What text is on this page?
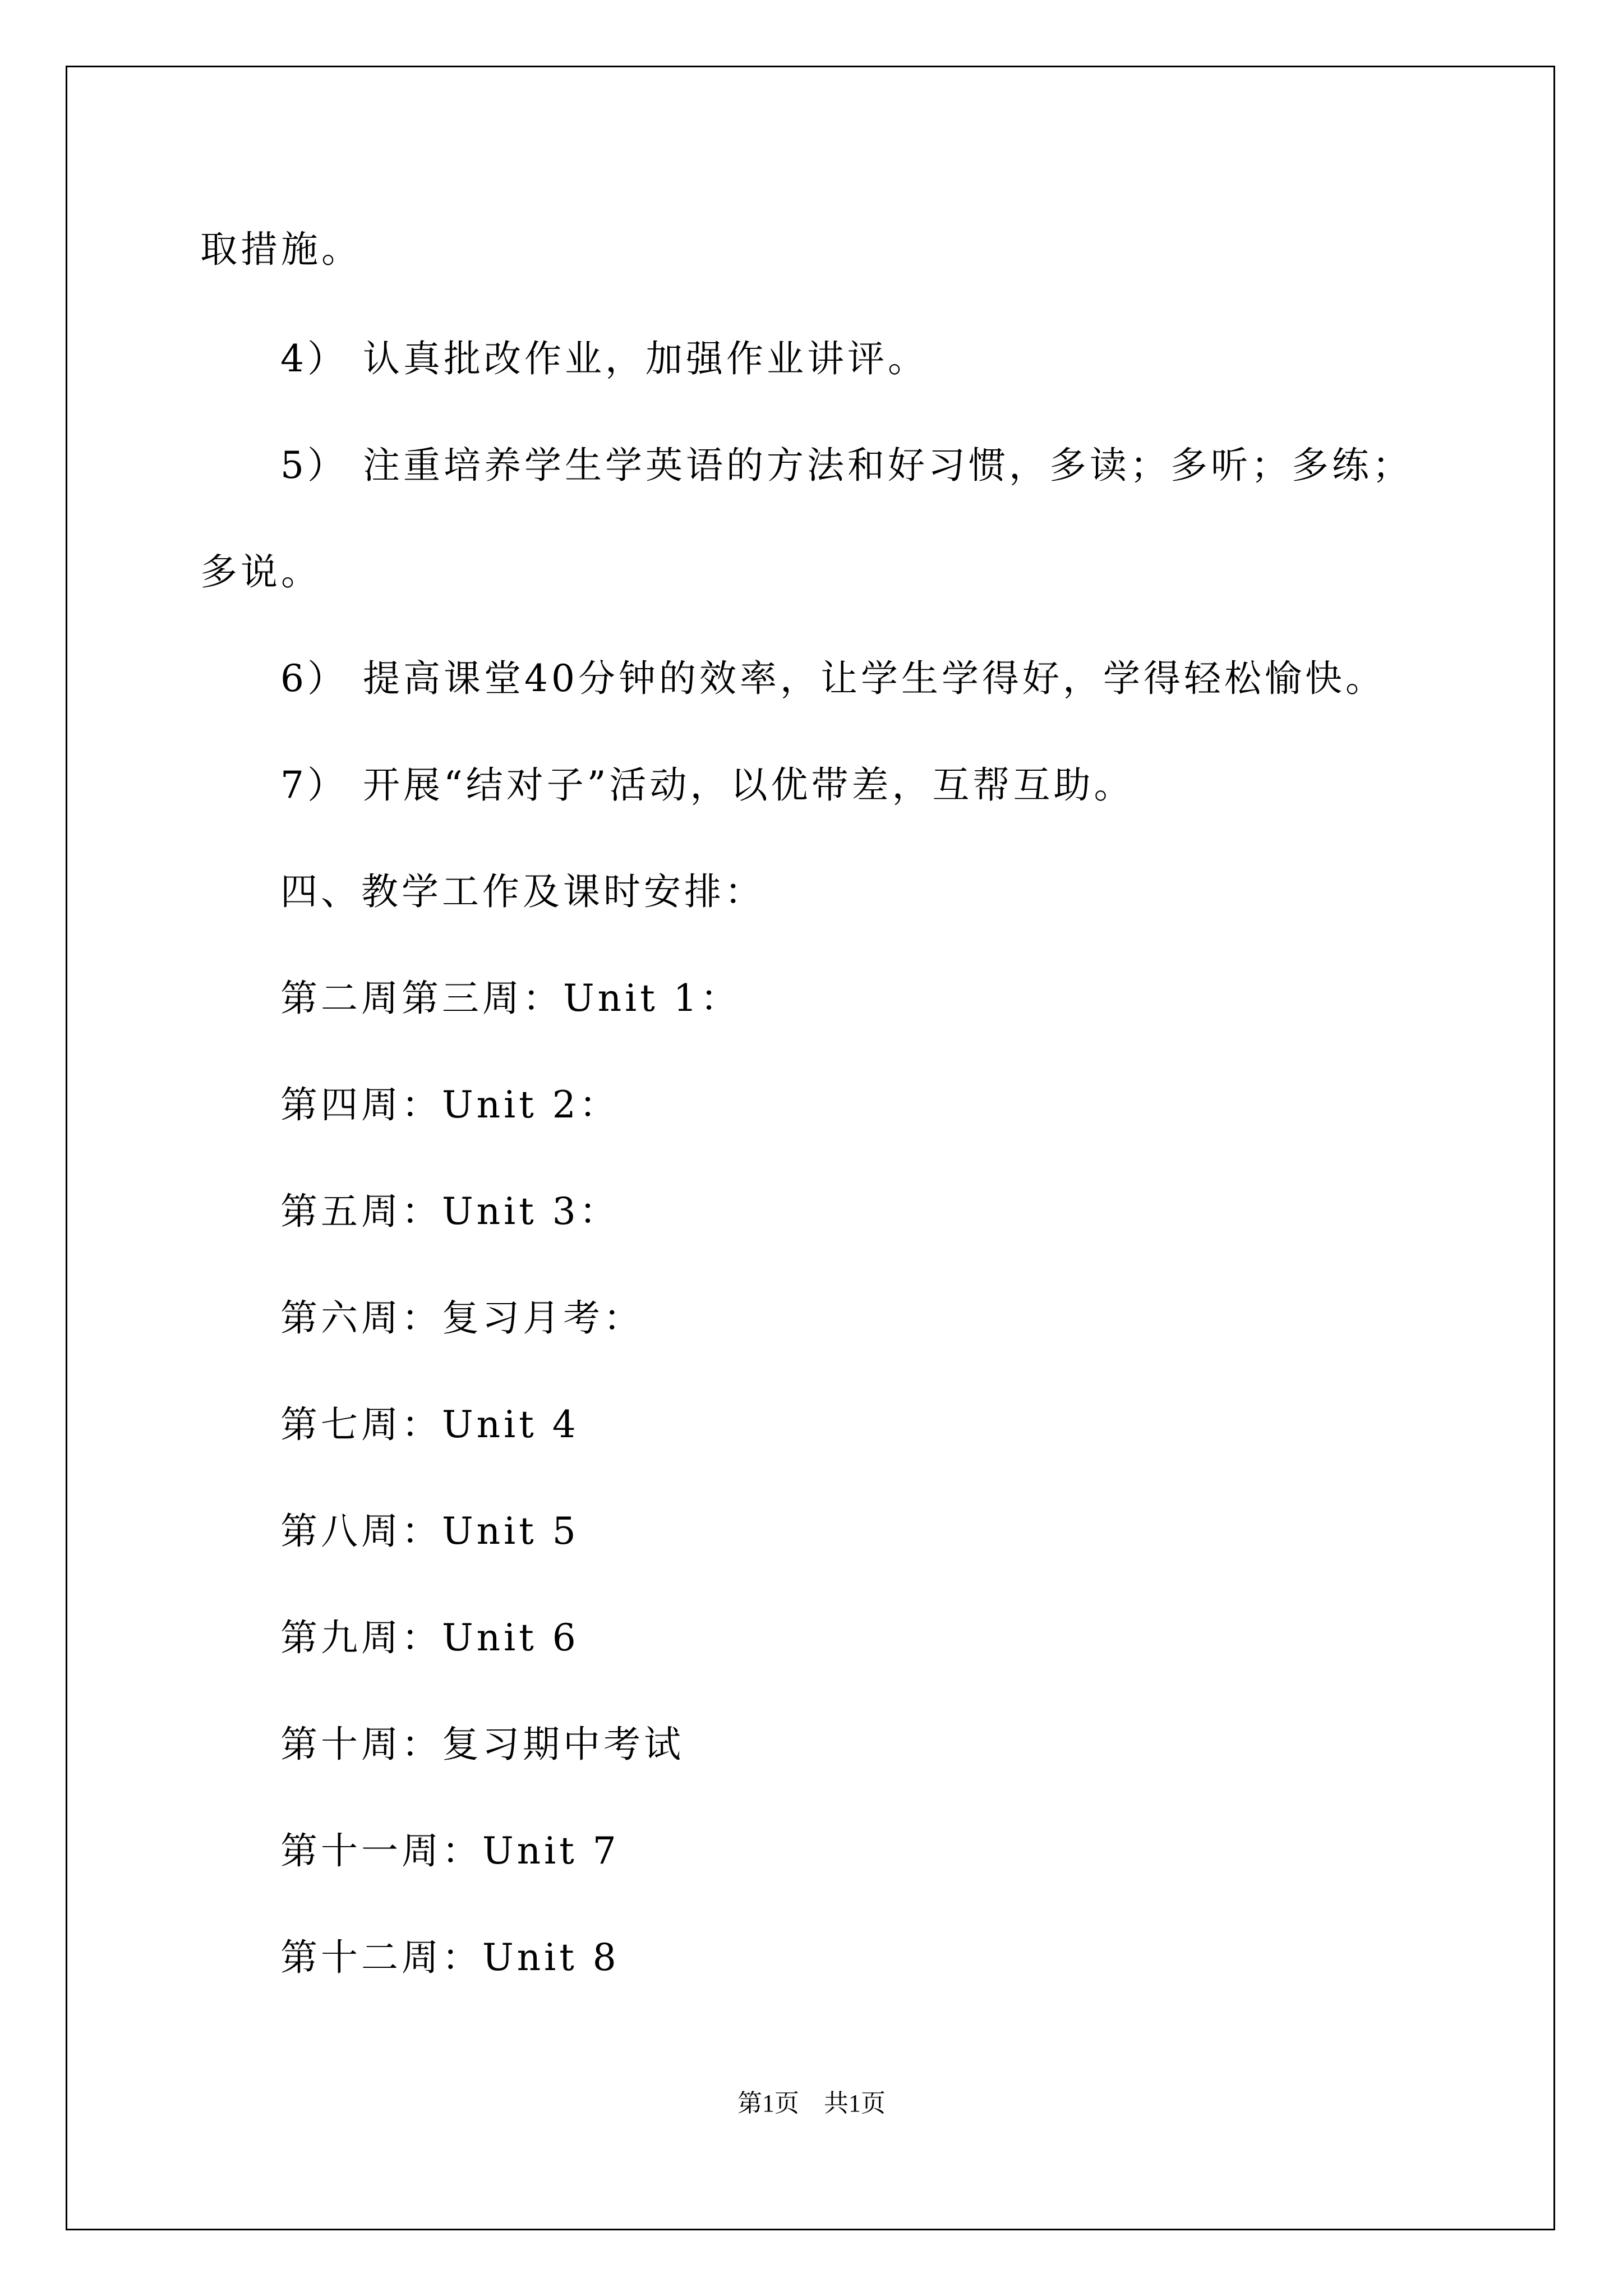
取措施。
4） 认真批改作业，加强作业讲评。
5） 注重培养学生学英语的方法和好习惯，多读；多听；多练；
多说。
6） 提高课堂40分钟的效率，让学生学得好，学得轻松愉快。
7） 开展“结对子”活动，以优带差，互帮互助。
四、教学工作及课时安排：
第二周第三周：Unit 1：
第四周：Unit 2：
第五周：Unit 3：
第六周：复习月考：
第七周：Unit 4
第八周：Unit 5
第九周：Unit 6
第十周：复习期中考试
第十一周：Unit 7
第十二周：Unit 8
第1页　共1页
